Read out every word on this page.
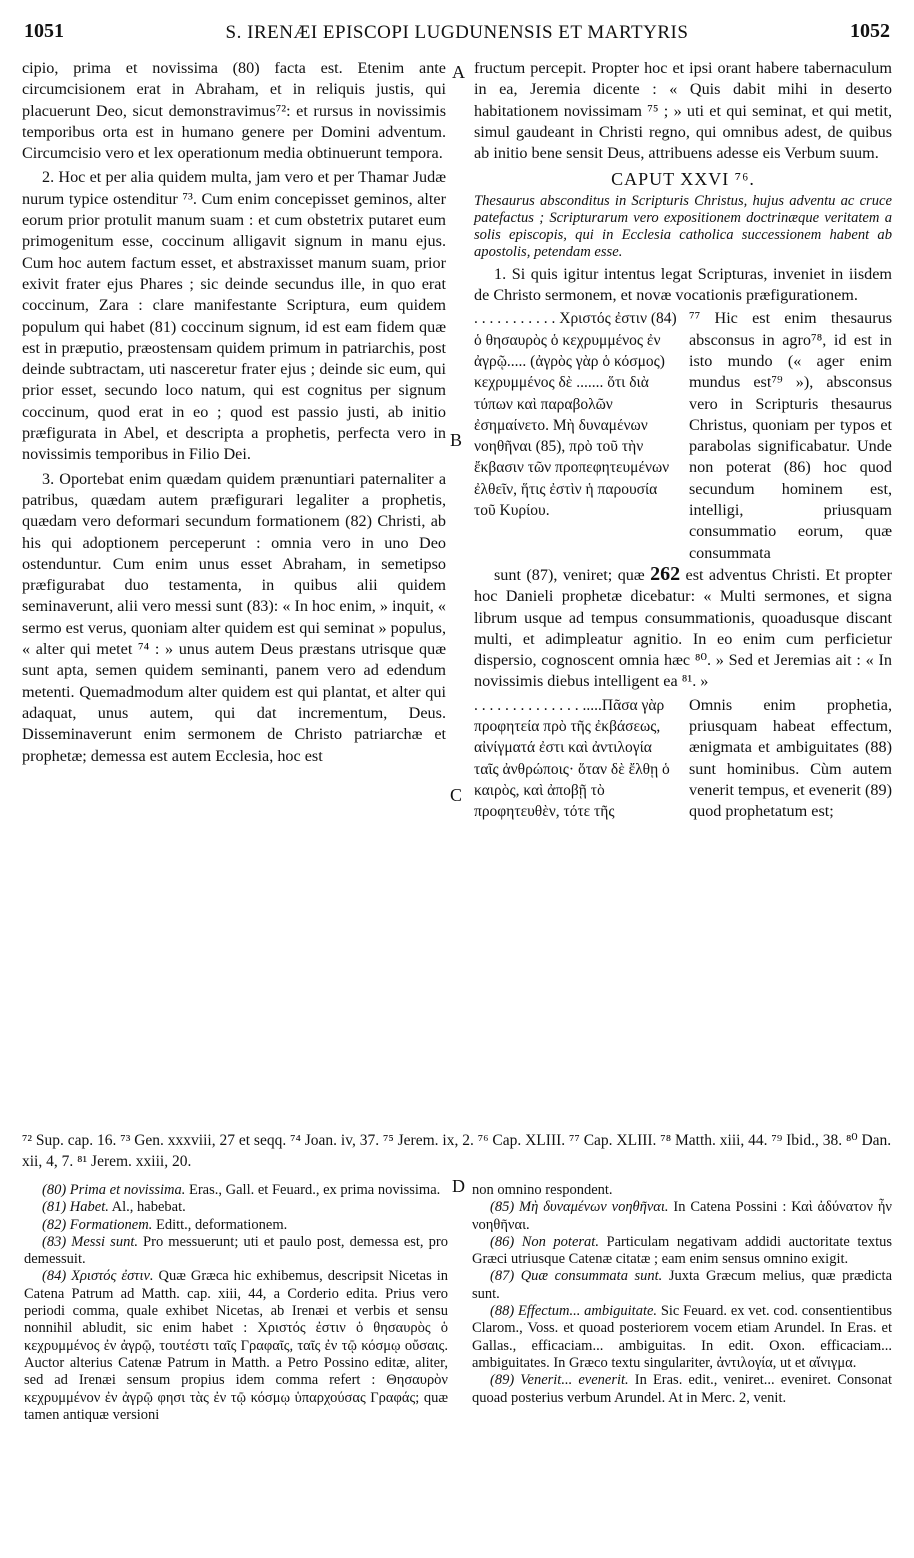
1051	S. IRENÆI EPISCOPI LUGDUNENSIS ET MARTYRIS	1052
A
B
C
D

cipio, prima et novissima (80) facta est. Etenim ante circumcisionem erat in Abraham, et in reliquis justis, qui placuerunt Deo, sicut demonstravimus⁷²: et rursus in novissimis temporibus orta est in humano genere per Domini adventum. Circumcisio vero et lex operationum media obtinuerunt tempora.

2. Hoc et per alia quidem multa, jam vero et per Thamar Judæ nurum typice ostenditur ⁷³. Cum enim concepisset geminos, alter eorum prior protulit manum suam : et cum obstetrix putaret eum primogenitum esse, coccinum alligavit signum in manu ejus. Cum hoc autem factum esset, et abstraxisset manum suam, prior exivit frater ejus Phares ; sic deinde secundus ille, in quo erat coccinum, Zara : clare manifestante Scriptura, eum quidem populum qui habet (81) coccinum signum, id est eam fidem quæ est in præputio, præostensam quidem primum in patriarchis, post deinde subtractam, uti nasceretur frater ejus ; deinde sic eum, qui prior esset, secundo loco natum, qui est cognitus per signum coccinum, quod erat in eo ; quod est passio justi, ab initio præfigurata in Abel, et descripta a prophetis, perfecta vero in novissimis temporibus in Filio Dei.

3. Oportebat enim quædam quidem prænuntiari paternaliter a patribus, quædam autem præfigurari legaliter a prophetis, quædam vero deformari secundum formationem (82) Christi, ab his qui adoptionem perceperunt : omnia vero in uno Deo ostenduntur. Cum enim unus esset Abraham, in semetipso præfigurabat duo testamenta, in quibus alii quidem seminaverunt, alii vero messi sunt (83): « In hoc enim, » inquit, « sermo est verus, quoniam alter quidem est qui seminat » populus, « alter qui metet ⁷⁴ : » unus autem Deus præstans utrisque quæ sunt apta, semen quidem seminanti, panem vero ad edendum metenti. Quemadmodum alter quidem est qui plantat, et alter qui adaquat, unus autem, qui dat incrementum, Deus. Disseminaverunt enim sermonem de Christo patriarchæ et prophetæ; demessa est autem Ecclesia, hoc est

fructum percepit. Propter hoc et ipsi orant habere tabernaculum in ea, Jeremia dicente : « Quis dabit mihi in deserto habitationem novissimam ⁷⁵ ; » uti et qui seminat, et qui metit, simul gaudeant in Christi regno, qui omnibus adest, de quibus ab initio bene sensit Deus, attribuens adesse eis Verbum suum.

CAPUT XXVI ⁷⁶.
Thesaurus absconditus in Scripturis Christus, hujus adventu ac cruce patefactus ; Scripturarum vero expositionem doctrinæque veritatem a solis episcopis, qui in Ecclesia catholica successionem habent ab apostolis, petendam esse.

1. Si quis igitur intentus legat Scripturas, inveniet in iisdem de Christo sermonem, et novæ vocationis præfigurationem.

. . . . . . . . . . . Χριστός ἐστιν (84) ὁ θησαυρὸς ὁ κεχρυμμένος ἐν ἀγρῷ..... (ἀγρὸς γὰρ ὁ κόσμος) κεχρυμμένος δὲ ....... ὅτι διὰ τύπων καὶ παραβολῶν ἐσημαίνετο. Μὴ δυναμένων νοηθῆναι (85), πρὸ τοῦ τὴν ἔκβασιν τῶν προπεφητευμένων ἐλθεῖν, ἥτις ἐστὶν ἡ παρουσία τοῦ Κυρίου.

⁷⁷ Hic est enim thesaurus absconsus in agro⁷⁸, id est in isto mundo (« ager enim mundus est⁷⁹ »), absconsus vero in Scripturis thesaurus Christus, quoniam per typos et parabolas significabatur. Unde non poterat (86) hoc quod secundum hominem est, intelligi, priusquam consummatio eorum, quæ consummata

sunt (87), veniret; quæ 262 est adventus Christi. Et propter hoc Danieli prophetæ dicebatur: « Multi sermones, et signa librum usque ad tempus consummationis, quoadusque discant multi, et adimpleatur agnitio. In eo enim cum perficietur dispersio, cognoscent omnia hæc ⁸⁰. » Sed et Jeremias ait : « In novissimis diebus intelligent ea ⁸¹. »

. . . . . . . . . . . . . . .....Πᾶσα γὰρ προφητεία πρὸ τῆς ἐκβάσεως, αἰνίγματά ἐστι καὶ ἀντιλογία ταῖς ἀνθρώποις· ὅταν δὲ ἔλθῃ ὁ καιρὸς, καὶ ἀποβῇ τὸ προφητευθὲν, τότε τῆς

Omnis enim prophetia, priusquam habeat effectum, ænigmata et ambiguitates (88) sunt hominibus. Cùm autem venerit tempus, et evenerit (89) quod prophetatum est;

⁷² Sup. cap. 16. ⁷³ Gen. xxxviii, 27 et seqq. ⁷⁴ Joan. iv, 37. ⁷⁵ Jerem. ix, 2. ⁷⁶ Cap. XLIII. ⁷⁷ Cap. XLIII. ⁷⁸ Matth. xiii, 44. ⁷⁹ Ibid., 38. ⁸⁰ Dan. xii, 4, 7. ⁸¹ Jerem. xxiii, 20.

(80) Prima et novissima. Eras., Gall. et Feuard., ex prima novissima.

(81) Habet. Al., habebat.

(82) Formationem. Editt., deformationem.

(83) Messi sunt. Pro messuerunt; uti et paulo post, demessa est, pro demessuit.

(84) Χριστός ἐστιν. Quæ Græca hic exhibemus, descripsit Nicetas in Catena Patrum ad Matth. cap. xiii, 44, a Corderio edita. Prius vero periodi comma, quale exhibet Nicetas, ab Irenæi et verbis et sensu nonnihil abludit, sic enim habet : Χριστός ἐστιν ὁ θησαυρὸς ὁ κεχρυμμένος ἐν ἀγρῷ, τουτέστι ταῖς Γραφαῖς, ταῖς ἐν τῷ κόσμῳ οὔσαις. Auctor alterius Catenæ Patrum in Matth. a Petro Possino editæ, aliter, sed ad Irenæi sensum propius idem comma refert : Θησαυρὸν κεχρυμμένον ἐν ἀγρῷ φησι τὰς ἐν τῷ κόσμῳ ὑπαρχούσας Γραφάς; quæ tamen antiquæ versioni

non omnino respondent.

(85) Μὴ δυναμένων νοηθῆναι. In Catena Possini : Καὶ ἀδύνατον ἦν νοηθῆναι.

(86) Non poterat. Particulam negativam addidi auctoritate textus Græci utriusque Catenæ citatæ ; eam enim sensus omnino exigit.

(87) Quæ consummata sunt. Juxta Græcum melius, quæ prædicta sunt.

(88) Effectum... ambiguitate. Sic Feuard. ex vet. cod. consentientibus Clarom., Voss. et quoad posteriorem vocem etiam Arundel. In Eras. et Gallas., efficaciam... ambiguitas. In edit. Oxon. efficaciam... ambiguitates. In Græco textu singulariter, ἀντιλογία, ut et αἴνιγμα.

(89) Venerit... evenerit. In Eras. edit., veniret... eveniret. Consonat quoad posterius verbum Arundel. At in Merc. 2, venit.
